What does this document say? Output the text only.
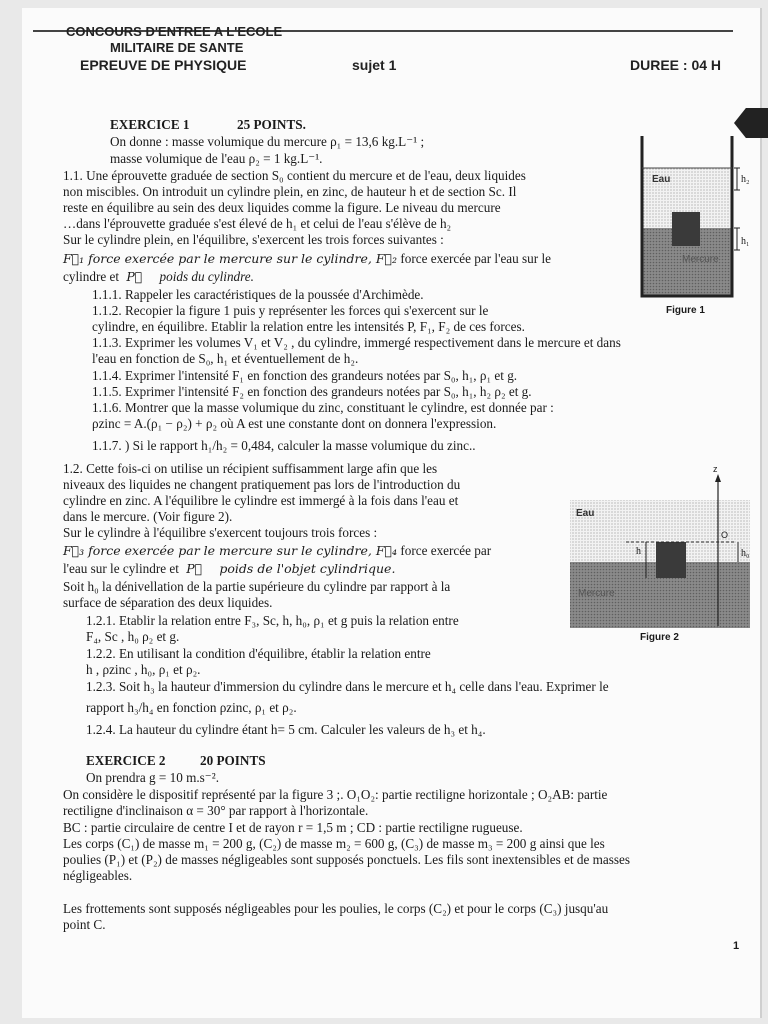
CONCOURS D'ENTREE A L'ECOLE
MILITAIRE DE SANTE
EPREUVE DE PHYSIQUE	sujet 1	DUREE : 04 H
EXERCICE 1	25 POINTS.
On donne : masse volumique du mercure ρ₁ = 13,6 kg.L⁻¹ ;
masse volumique de l'eau ρ₂ = 1 kg.L⁻¹.
1.1. Une éprouvette graduée de section S₀ contient du mercure et de l'eau, deux liquides
non miscibles. On introduit un cylindre plein, en zinc, de hauteur h et de section Sc. Il
reste en équilibre au sein des deux liquides comme la figure. Le niveau du mercure
…dans l'éprouvette graduée s'est élevé de h₁ et celui de l'eau s'élève de h₂
Sur le cylindre plein, en l'équilibre, s'exercent les trois forces suivantes :
F⃗₁ force exercée par le mercure sur le cylindre, F⃗₂ force exercée par l'eau sur le
cylindre et P⃗ poids du cylindre.
1.1.1. Rappeler les caractéristiques de la poussée d'Archimède.
1.1.2. Recopier la figure 1 puis y représenter les forces qui s'exercent sur le
cylindre, en équilibre. Etablir la relation entre les intensités P, F₁, F₂ de ces forces.
1.1.3. Exprimer les volumes V₁ et V₂ , du cylindre, immergé respectivement dans le mercure et dans
l'eau en fonction de S₀, h₁ et éventuellement de h₂.
1.1.4. Exprimer l'intensité F₁ en fonction des grandeurs notées par S₀, h₁, ρ₁ et g.
1.1.5. Exprimer l'intensité F₂ en fonction des grandeurs notées par S₀, h₁, h₂ ρ₂ et g.
1.1.6. Montrer que la masse volumique du zinc, constituant le cylindre, est donnée par :
ρzinc = A.(ρ₁ − ρ₂) + ρ₂ où A est une constante dont on donnera l'expression.
1.1.7. ) Si le rapport h₁/h₂ = 0,484, calculer la masse volumique du zinc..
1.2. Cette fois-ci on utilise un récipient suffisamment large afin que les
niveaux des liquides ne changent pratiquement pas lors de l'introduction du
cylindre en zinc. A l'équilibre le cylindre est immergé à la fois dans l'eau et
dans le mercure. (Voir figure 2).
Sur le cylindre à l'équilibre s'exercent toujours trois forces :
F⃗₃ force exercée par le mercure sur le cylindre, F⃗₄ force exercée par
l'eau sur le cylindre et P⃗ poids de l'objet cylindrique.
Soit h₀ la dénivellation de la partie supérieure du cylindre par rapport à la
surface de séparation des deux liquides.
1.2.1. Etablir la relation entre F₃, Sc, h, h₀, ρ₁ et g puis la relation entre
F₄, Sc , h₀ ρ₂ et g.
1.2.2. En utilisant la condition d'équilibre, établir la relation entre
h , ρzinc , h₀, ρ₁ et ρ₂.
1.2.3. Soit h₃ la hauteur d'immersion du cylindre dans le mercure et h₄ celle dans l'eau. Exprimer le
rapport h₃/h₄ en fonction ρzinc, ρ₁ et ρ₂.
1.2.4. La hauteur du cylindre étant h= 5 cm. Calculer les valeurs de h₃ et h₄.
EXERCICE 2	20 POINTS
On prendra g = 10 m.s⁻².
On considère le dispositif représenté par la figure 3 ;. O₁O₂: partie rectiligne horizontale ; O₂AB: partie
rectiligne d'inclinaison α = 30° par rapport à l'horizontale.
BC : partie circulaire de centre I et de rayon r = 1,5 m ; CD : partie rectiligne rugueuse.
Les corps (C₁) de masse m₁ = 200 g, (C₂) de masse m₂ = 600 g, (C₃) de masse m₃ = 200 g ainsi que les
poulies (P₁) et (P₂) de masses négligeables sont supposés ponctuels. Les fils sont inextensibles et de masses
négligeables.
Les frottements sont supposés négligeables pour les poulies, le corps (C₂) et pour le corps (C₃) jusqu'au
point C.
1
Eau
Mercure
h₂
h₁
Figure 1
z
O
h	h₀
Eau
Mercure
Figure 2
